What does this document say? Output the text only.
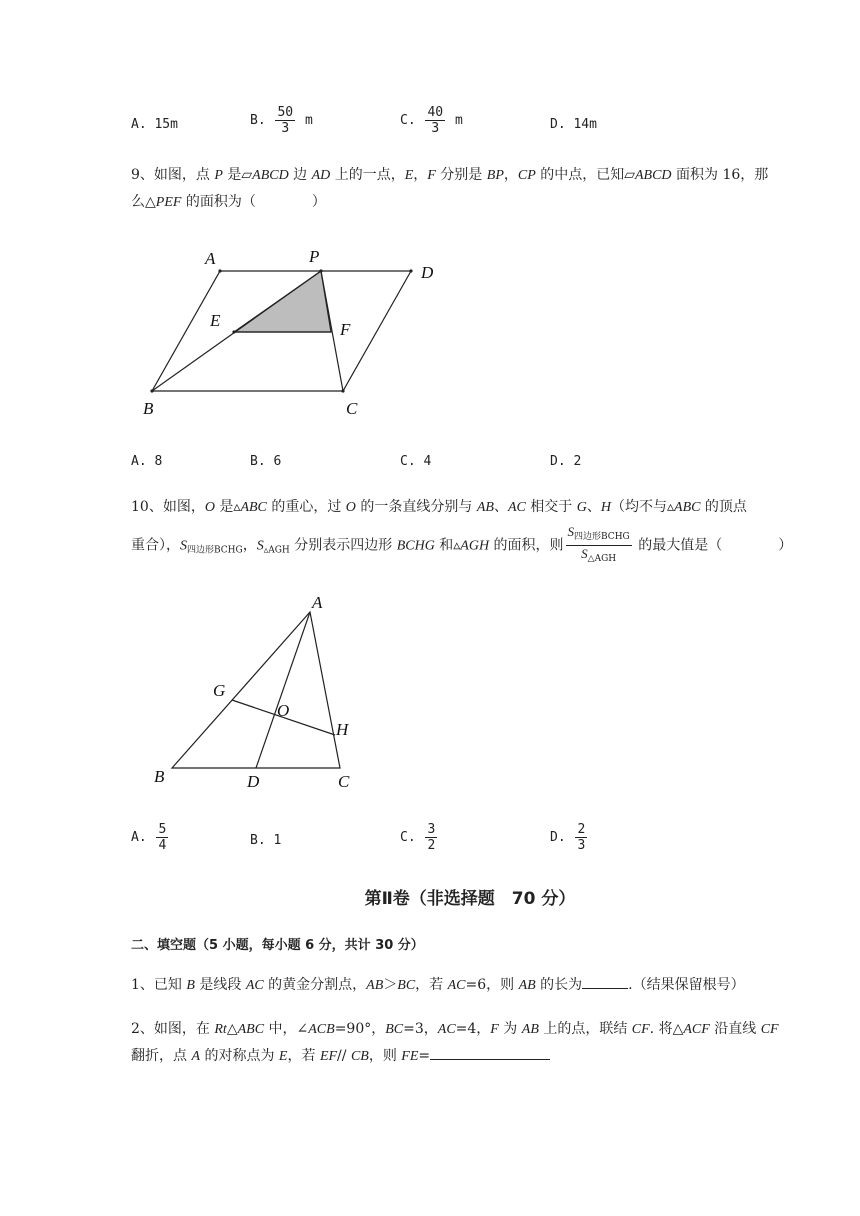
A. 15m	B. $\frac{50}{3}$ m	C. $\frac{40}{3}$ m	D. 14m
9、如图，点 P 是▱ABCD 边 AD 上的一点，E，F 分别是 BP，CP 的中点，已知▱ABCD 面积为 16，那
么△PEF 的面积为（　　　　）
A	P
D
E	F
B	C
A. 8	B. 6	C. 4	D. 2
10、如图，O 是▵ABC 的重心，过 O 的一条直线分别与 AB、AC 相交于 G、H（均不与▵ABC 的顶点
重合），$S_{四边形BCHG}$，$S_{▵AGH}$ 分别表示四边形 BCHG 和▵AGH 的面积，则 $\frac{S_{四边形BCHG}}{S_{\triangle AGH}}$ 的最大值是（　　　　）
A
G
O
H
B	D	C
A. $\frac{5}{4}$	B. 1	C. $\frac{3}{2}$	D. $\frac{2}{3}$
第Ⅱ卷（非选择题　70 分）
二、填空题（5 小题，每小题 6 分，共计 30 分）
1、已知 B 是线段 AC 的黄金分割点，AB＞BC，若 AC=6，则 AB 的长为	.（结果保留根号）
2、如图，在 Rt△ABC 中，∠ACB=90°，BC=3，AC=4，F 为 AB 上的点，联结 CF. 将△ACF 沿直线 CF
翻折，点 A 的对称点为 E，若 EF// CB，则 FE=
